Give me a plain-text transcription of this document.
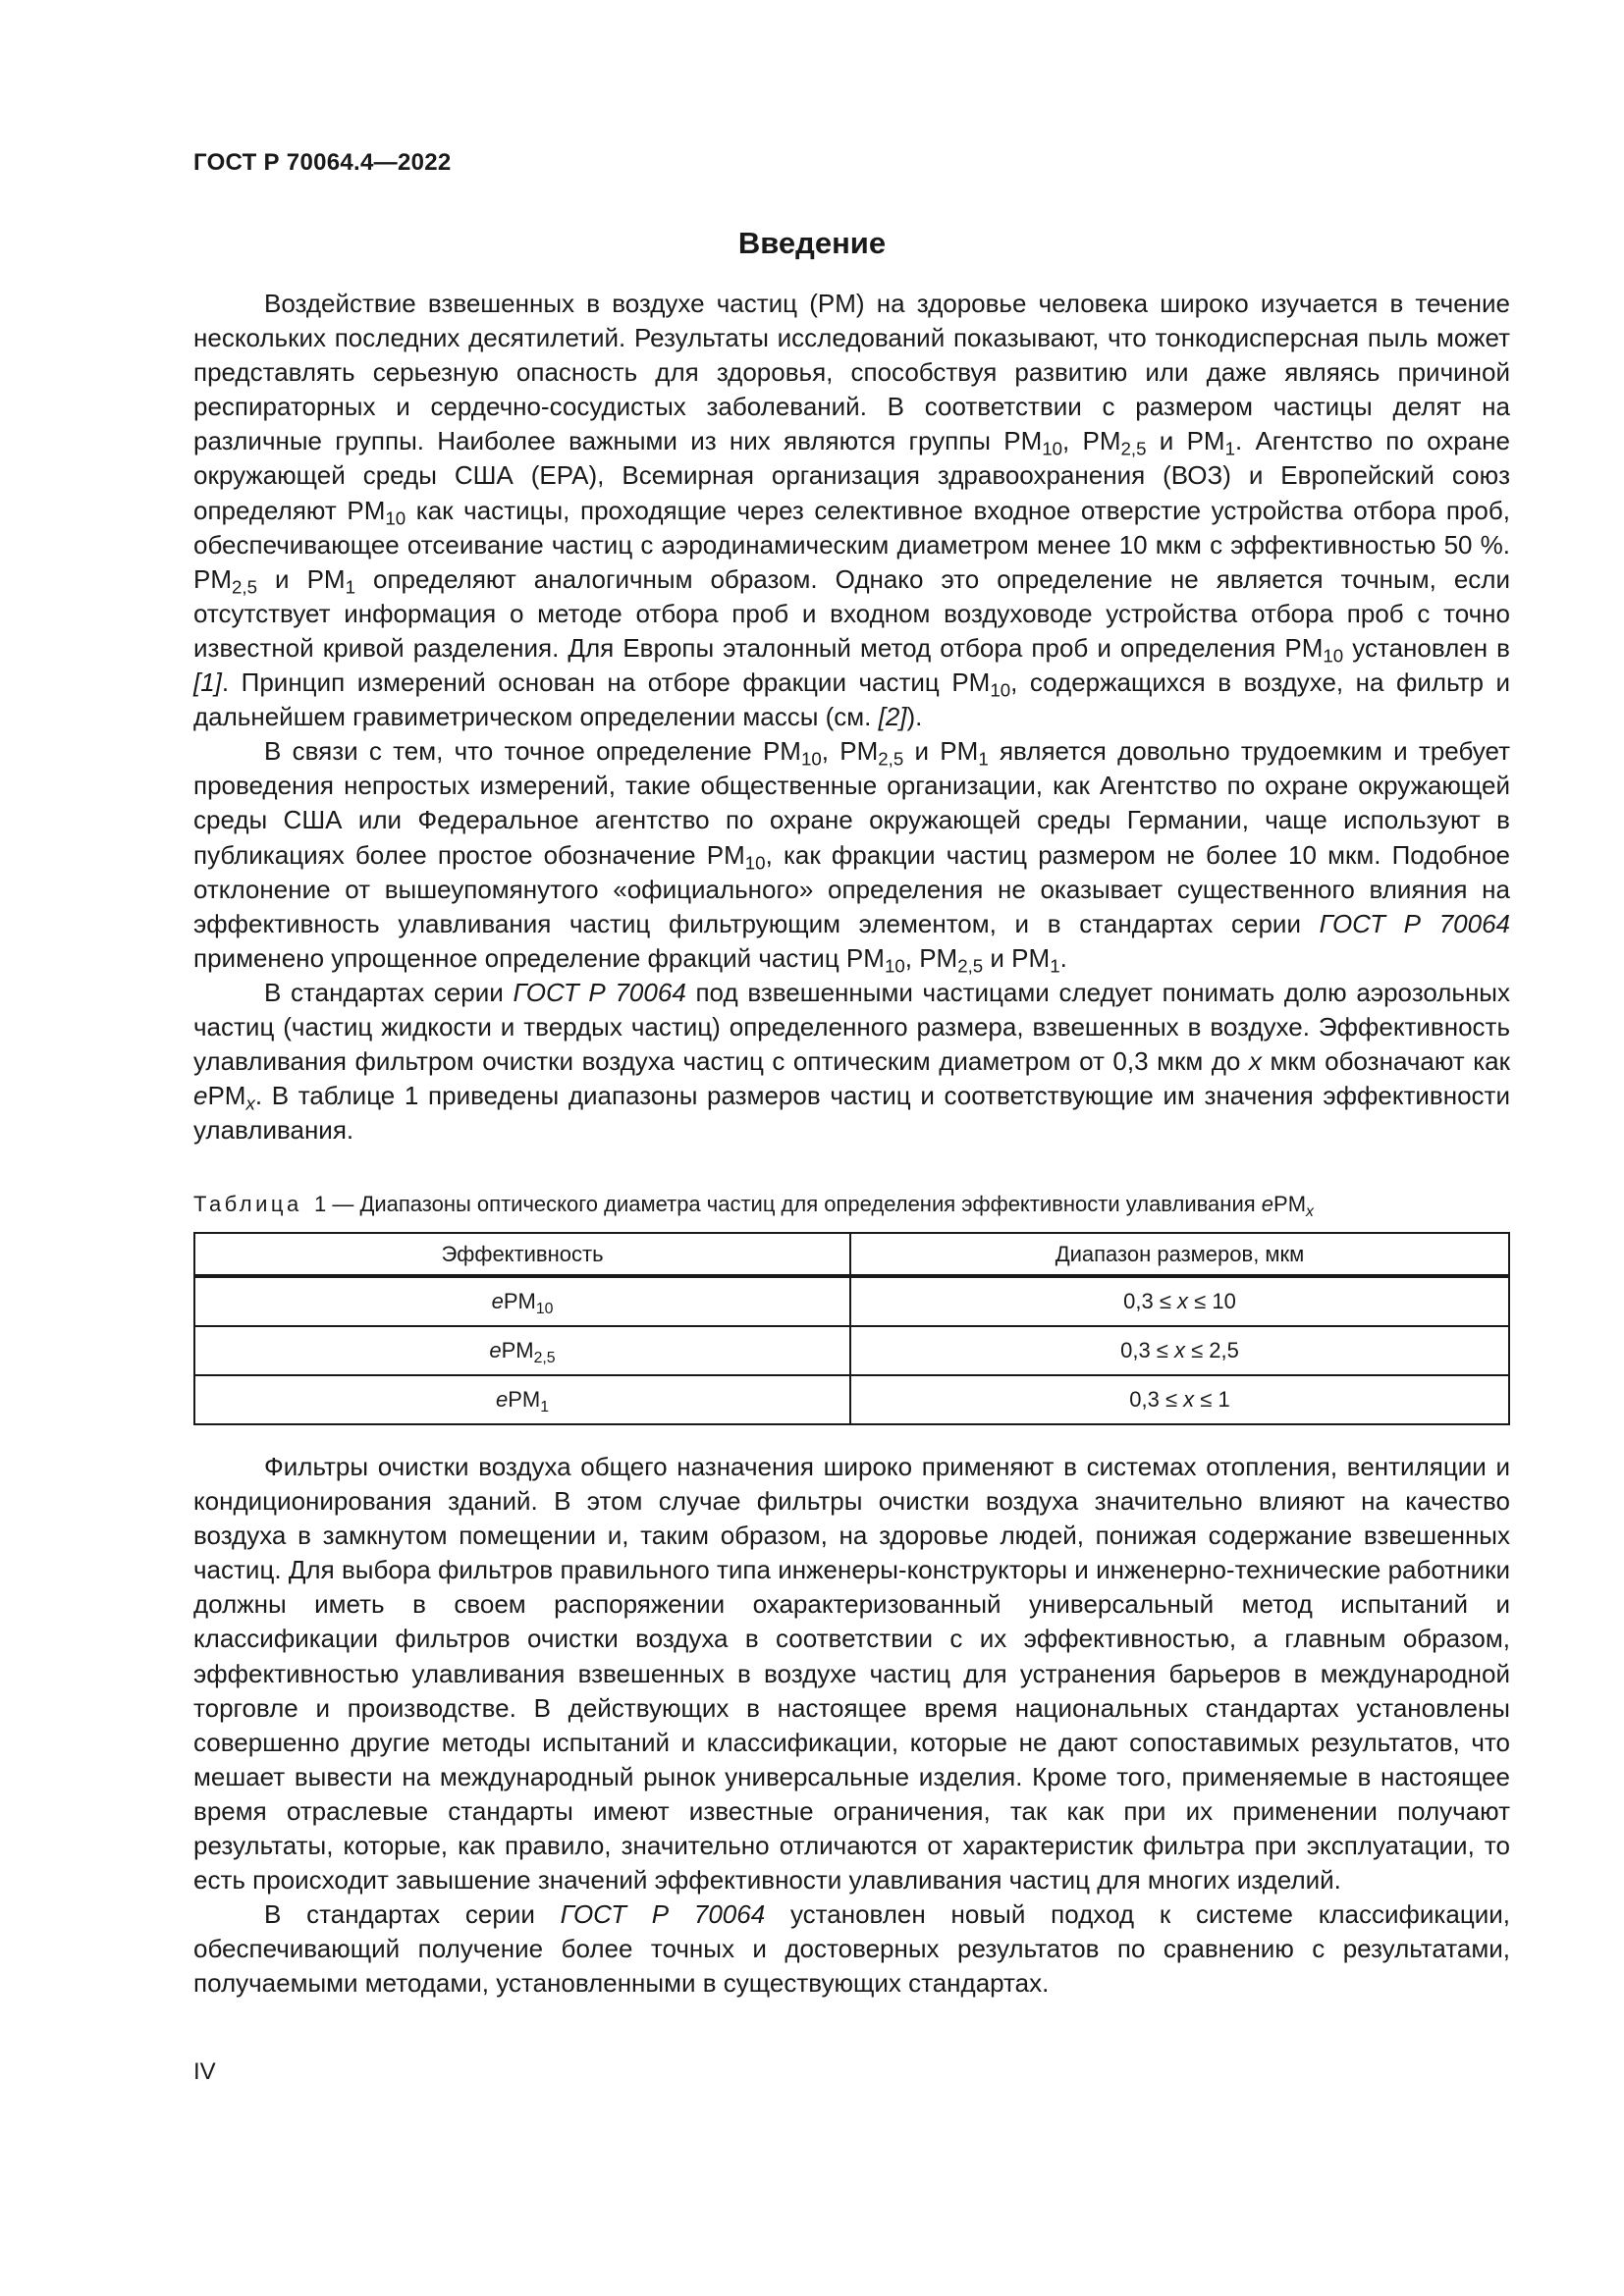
ГОСТ Р 70064.4—2022
Введение

Воздействие взвешенных в воздухе частиц (PM) на здоровье человека широко изучается в течение нескольких последних десятилетий. Результаты исследований показывают, что тонкодисперсная пыль может представлять серьезную опасность для здоровья, способствуя развитию или даже являясь причиной респираторных и сердечно-сосудистых заболеваний. В соответствии с размером частицы делят на различные группы. Наиболее важными из них являются группы $PM_{10}$, $PM_{2,5}$ и $PM_1$. Агентство по охране окружающей среды США (EPA), Всемирная организация здравоохранения (ВОЗ) и Европейский союз определяют $PM_{10}$ как частицы, проходящие через селективное входное отверстие устройства отбора проб, обеспечивающее отсеивание частиц с аэродинамическим диаметром менее 10 мкм с эффективностью 50 %. $PM_{2,5}$ и $PM_1$ определяют аналогичным образом. Однако это определение не является точным, если отсутствует информация о методе отбора проб и входном воздуховоде устройства отбора проб с точно известной кривой разделения. Для Европы эталонный метод отбора проб и определения $PM_{10}$ установлен в [1]. Принцип измерений основан на отборе фракции частиц $PM_{10}$, содержащихся в воздухе, на фильтр и дальнейшем гравиметрическом определении массы (см. [2]).

В связи с тем, что точное определение $PM_{10}$, $PM_{2,5}$ и $PM_1$ является довольно трудоемким и требует проведения непростых измерений, такие общественные организации, как Агентство по охране окружающей среды США или Федеральное агентство по охране окружающей среды Германии, чаще используют в публикациях более простое обозначение $PM_{10}$, как фракции частиц размером не более 10 мкм. Подобное отклонение от вышеупомянутого «официального» определения не оказывает существенного влияния на эффективность улавливания частиц фильтрующим элементом, и в стандартах серии ГОСТ Р 70064 применено упрощенное определение фракций частиц $PM_{10}$, $PM_{2,5}$ и $PM_1$.

В стандартах серии ГОСТ Р 70064 под взвешенными частицами следует понимать долю аэрозольных частиц (частиц жидкости и твердых частиц) определенного размера, взвешенных в воздухе. Эффективность улавливания фильтром очистки воздуха частиц с оптическим диаметром от 0,3 мкм до x мкм обозначают как ePM$_x$. В таблице 1 приведены диапазоны размеров частиц и соответствующие им значения эффективности улавливания.

Таблица  1 — Диапазоны оптического диаметра частиц для определения эффективности улавливания ePM$_x$
Эффективность	Диапазон размеров, мкм
ePM$_{10}$	0,3 ≤ x ≤ 10
ePM$_{2,5}$	0,3 ≤ x ≤ 2,5
ePM$_1$	0,3 ≤ x ≤ 1

Фильтры очистки воздуха общего назначения широко применяют в системах отопления, вентиляции и кондиционирования зданий. В этом случае фильтры очистки воздуха значительно влияют на качество воздуха в замкнутом помещении и, таким образом, на здоровье людей, понижая содержание взвешенных частиц. Для выбора фильтров правильного типа инженеры-конструкторы и инженерно-технические работники должны иметь в своем распоряжении охарактеризованный универсальный метод испытаний и классификации фильтров очистки воздуха в соответствии с их эффективностью, а главным образом, эффективностью улавливания взвешенных в воздухе частиц для устранения барьеров в международной торговле и производстве. В действующих в настоящее время национальных стандартах установлены совершенно другие методы испытаний и классификации, которые не дают сопоставимых результатов, что мешает вывести на международный рынок универсальные изделия. Кроме того, применяемые в настоящее время отраслевые стандарты имеют известные ограничения, так как при их применении получают результаты, которые, как правило, значительно отличаются от характеристик фильтра при эксплуатации, то есть происходит завышение значений эффективности улавливания частиц для многих изделий.

В стандартах серии ГОСТ Р 70064 установлен новый подход к системе классификации, обеспечивающий получение более точных и достоверных результатов по сравнению с результатами, получаемыми методами, установленными в существующих стандартах.

IV
